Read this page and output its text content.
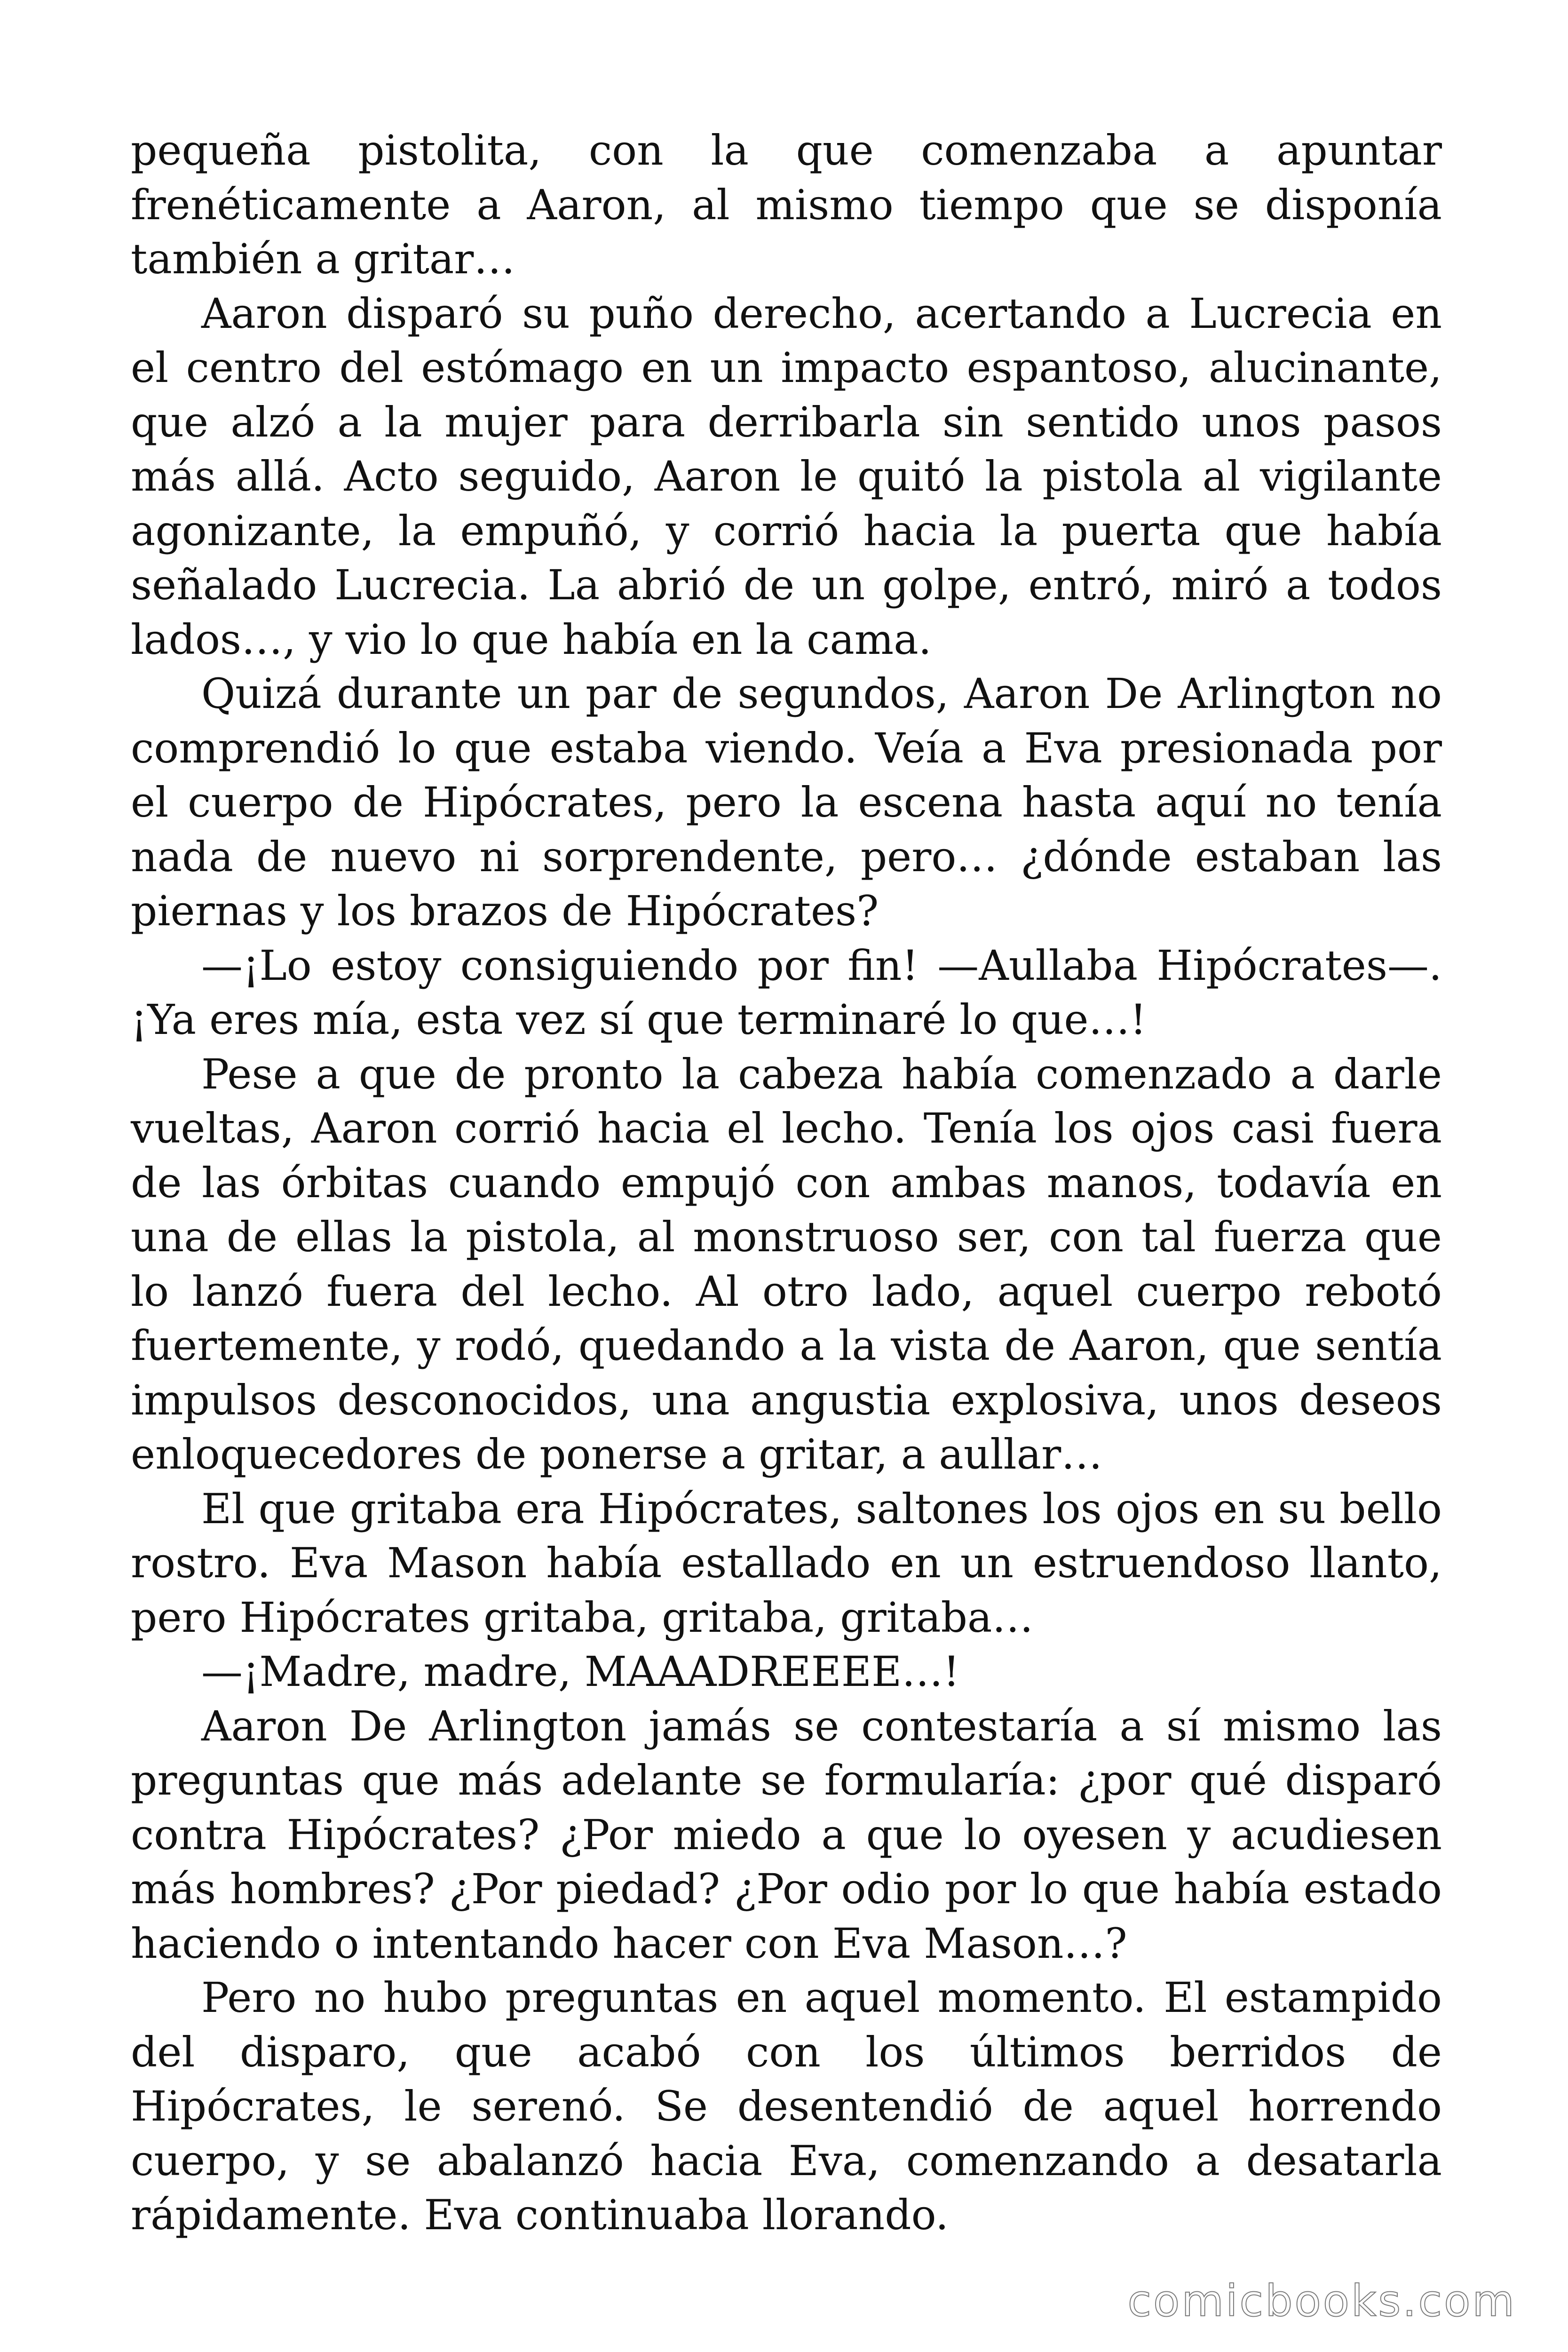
pequeña pistolita, con la que comenzaba a apuntar frenéticamente a Aaron, al mismo tiempo que se disponía también a gritar…

Aaron disparó su puño derecho, acertando a Lucrecia en el centro del estómago en un impacto espantoso, alucinante, que alzó a la mujer para derribarla sin sentido unos pasos más allá. Acto seguido, Aaron le quitó la pistola al vigilante agonizante, la empuñó, y corrió hacia la puerta que había señalado Lucrecia. La abrió de un golpe, entró, miró a todos lados…, y vio lo que había en la cama.

Quizá durante un par de segundos, Aaron De Arlington no comprendió lo que estaba viendo. Veía a Eva presionada por el cuerpo de Hipócrates, pero la escena hasta aquí no tenía nada de nuevo ni sorprendente, pero… ¿dónde estaban las piernas y los brazos de Hipócrates?

—¡Lo estoy consiguiendo por fin! —Aullaba Hipócrates—. ¡Ya eres mía, esta vez sí que terminaré lo que…!

Pese a que de pronto la cabeza había comenzado a darle vueltas, Aaron corrió hacia el lecho. Tenía los ojos casi fuera de las órbitas cuando empujó con ambas manos, todavía en una de ellas la pistola, al monstruoso ser, con tal fuerza que lo lanzó fuera del lecho. Al otro lado, aquel cuerpo rebotó fuertemente, y rodó, quedando a la vista de Aaron, que sentía impulsos desconocidos, una angustia explosiva, unos deseos enloquecedores de ponerse a gritar, a aullar…

El que gritaba era Hipócrates, saltones los ojos en su bello rostro. Eva Mason había estallado en un estruendoso llanto, pero Hipócrates gritaba, gritaba, gritaba…

—¡Madre, madre, MAAADREEEE…!

Aaron De Arlington jamás se contestaría a sí mismo las preguntas que más adelante se formularía: ¿por qué disparó contra Hipócrates? ¿Por miedo a que lo oyesen y acudiesen más hombres? ¿Por piedad? ¿Por odio por lo que había estado haciendo o intentando hacer con Eva Mason…?

Pero no hubo preguntas en aquel momento. El estampido del disparo, que acabó con los últimos berridos de Hipócrates, le serenó. Se desentendió de aquel horrendo cuerpo, y se abalanzó hacia Eva, comenzando a desatarla rápidamente. Eva continuaba llorando.

comicbooks.com
